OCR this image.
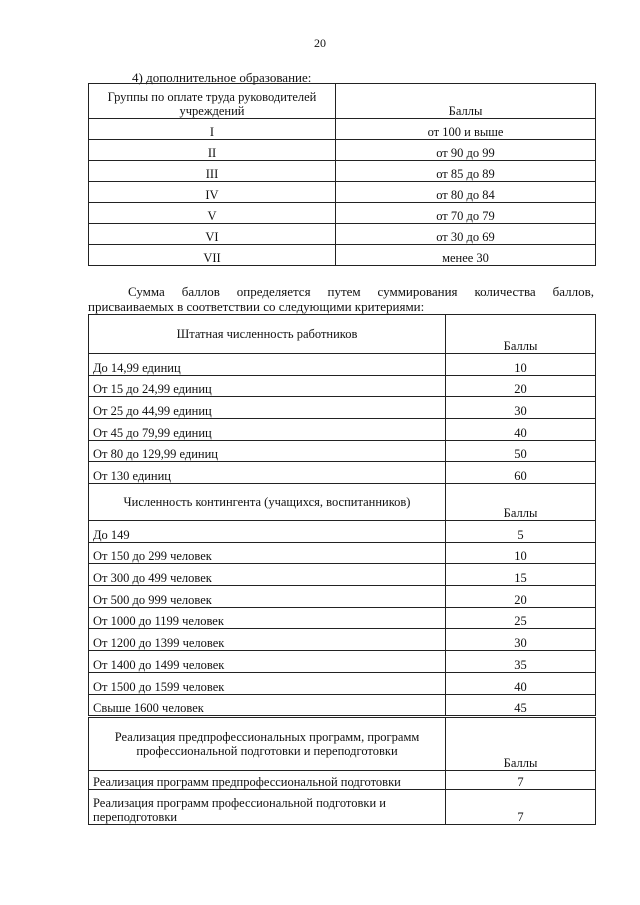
20
4) дополнительное образование:
Группы по оплате труда руководителей учреждений	Баллы
I	от 100 и выше
II	от 90 до 99
III	от 85 до 89
IV	от 80 до 84
V	от 70 до 79
VI	от 30 до 69
VII	менее 30
Сумма баллов определяется путем суммирования количества баллов,
присваиваемых в соответствии со следующими критериями:
Штатная численность работников	Баллы
До 14,99 единиц	10
От 15 до 24,99 единиц	20
От 25 до 44,99 единиц	30
От 45 до 79,99 единиц	40
От 80 до 129,99 единиц	50
От 130 единиц	60
Численность контингента (учащихся, воспитанников)	Баллы
До 149	5
От 150 до 299 человек	10
От 300 до 499 человек	15
От 500 до 999 человек	20
От 1000 до 1199 человек	25
От 1200 до 1399 человек	30
От 1400 до 1499 человек	35
От 1500 до 1599 человек	40
Свыше 1600 человек	45
Реализация предпрофессиональных программ, программ профессиональной подготовки и переподготовки	Баллы
Реализация программ предпрофессиональной подготовки	7
Реализация программ профессиональной подготовки и переподготовки	7
